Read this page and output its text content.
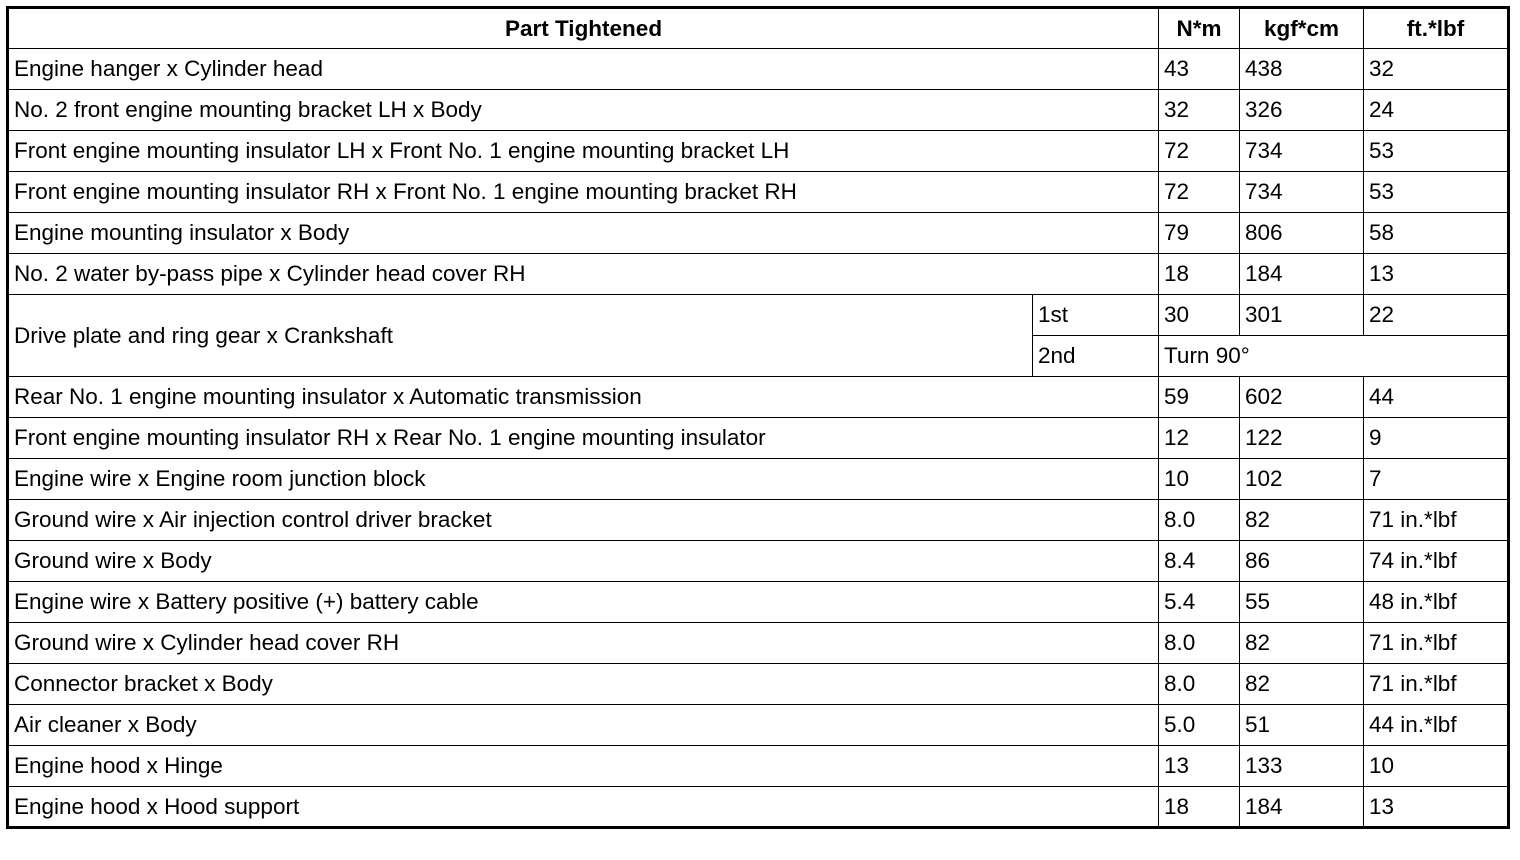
Part Tightened		N*m	kgf*cm	ft.*lbf
Engine hanger x Cylinder head		43	438	32
No. 2 front engine mounting bracket LH x Body		32	326	24
Front engine mounting insulator LH x Front No. 1 engine mounting bracket LH		72	734	53
Front engine mounting insulator RH x Front No. 1 engine mounting bracket RH		72	734	53
Engine mounting insulator x Body		79	806	58
No. 2 water by-pass pipe x Cylinder head cover RH		18	184	13
Drive plate and ring gear x Crankshaft	1st	30	301	22
	2nd	Turn 90°		
Rear No. 1 engine mounting insulator x Automatic transmission		59	602	44
Front engine mounting insulator RH x Rear No. 1 engine mounting insulator		12	122	9
Engine wire x Engine room junction block		10	102	7
Ground wire x Air injection control driver bracket		8.0	82	71 in.*lbf
Ground wire x Body		8.4	86	74 in.*lbf
Engine wire x Battery positive (+) battery cable		5.4	55	48 in.*lbf
Ground wire x Cylinder head cover RH		8.0	82	71 in.*lbf
Connector bracket x Body		8.0	82	71 in.*lbf
Air cleaner x Body		5.0	51	44 in.*lbf
Engine hood x Hinge		13	133	10
Engine hood x Hood support		18	184	13
